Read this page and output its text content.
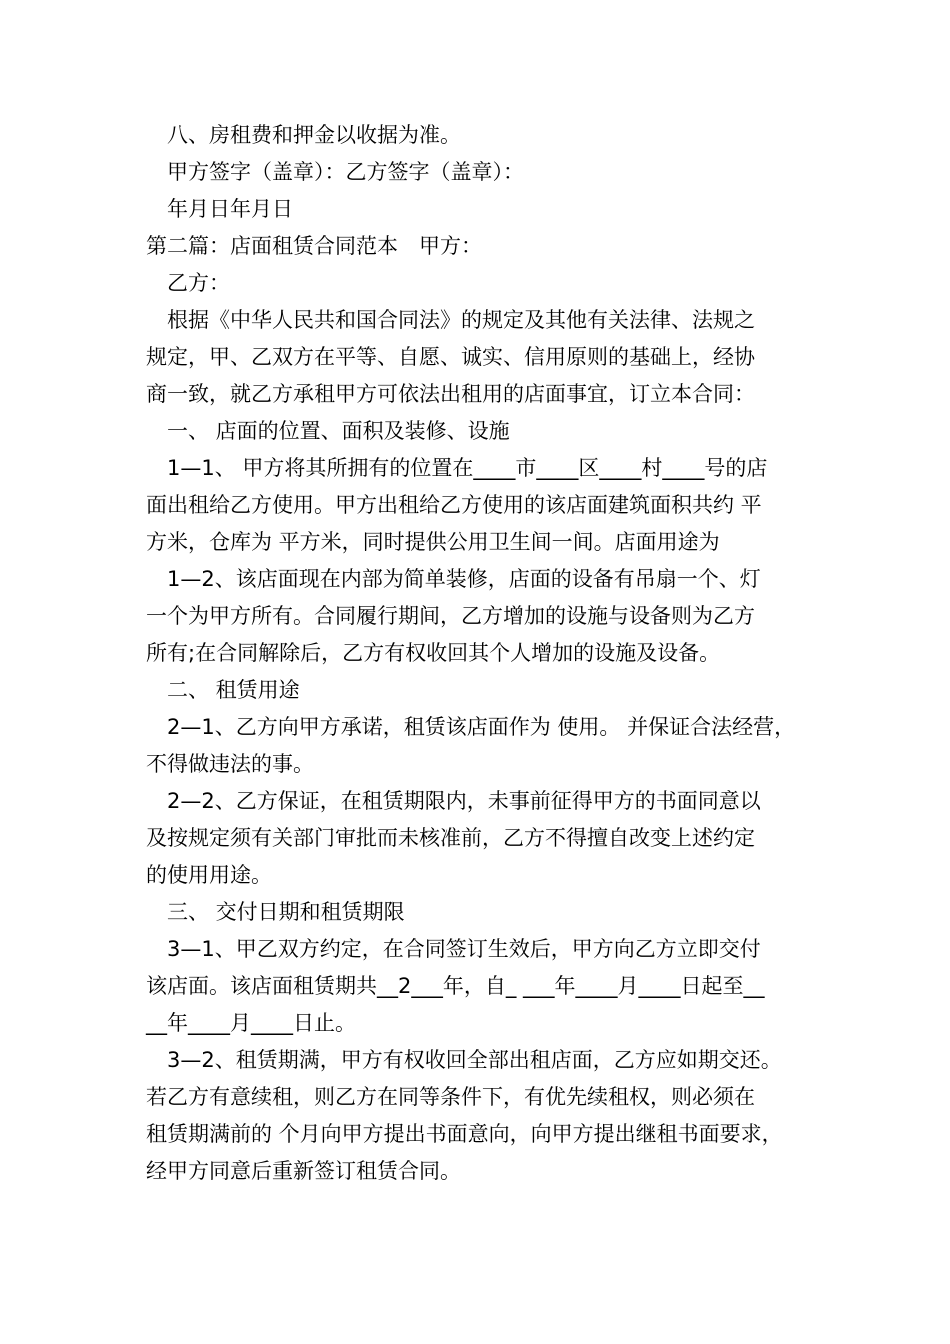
八、房租费和押金以收据为准。
甲方签字（盖章）：乙方签字（盖章）：
年月日年月日
第二篇：店面租赁合同范本　甲方：
乙方：
根据《中华人民共和国合同法》的规定及其他有关法律、法规之
规定，甲、乙双方在平等、自愿、诚实、信用原则的基础上，经协
商一致，就乙方承租甲方可依法出租用的店面事宜，订立本合同：
一、 店面的位置、面积及装修、设施
1—1、 甲方将其所拥有的位置在____市____区____村____号的店
面出租给乙方使用。甲方出租给乙方使用的该店面建筑面积共约 平
方米，仓库为 平方米，同时提供公用卫生间一间。店面用途为
1—2、该店面现在内部为简单装修，店面的设备有吊扇一个、灯
一个为甲方所有。合同履行期间，乙方增加的设施与设备则为乙方
所有;在合同解除后，乙方有权收回其个人增加的设施及设备。
二、 租赁用途
2—1、乙方向甲方承诺，租赁该店面作为 使用。 并保证合法经营，
不得做违法的事。
2—2、乙方保证，在租赁期限内，未事前征得甲方的书面同意以
及按规定须有关部门审批而未核准前，乙方不得擅自改变上述约定
的使用用途。
三、 交付日期和租赁期限
3—1、甲乙双方约定，在合同签订生效后，甲方向乙方立即交付
该店面。该店面租赁期共__2___年，自_ ___年____月____日起至__
__年____月____日止。
3—2、租赁期满，甲方有权收回全部出租店面，乙方应如期交还。
若乙方有意续租，则乙方在同等条件下，有优先续租权，则必须在
租赁期满前的 个月向甲方提出书面意向，向甲方提出继租书面要求，
经甲方同意后重新签订租赁合同。
